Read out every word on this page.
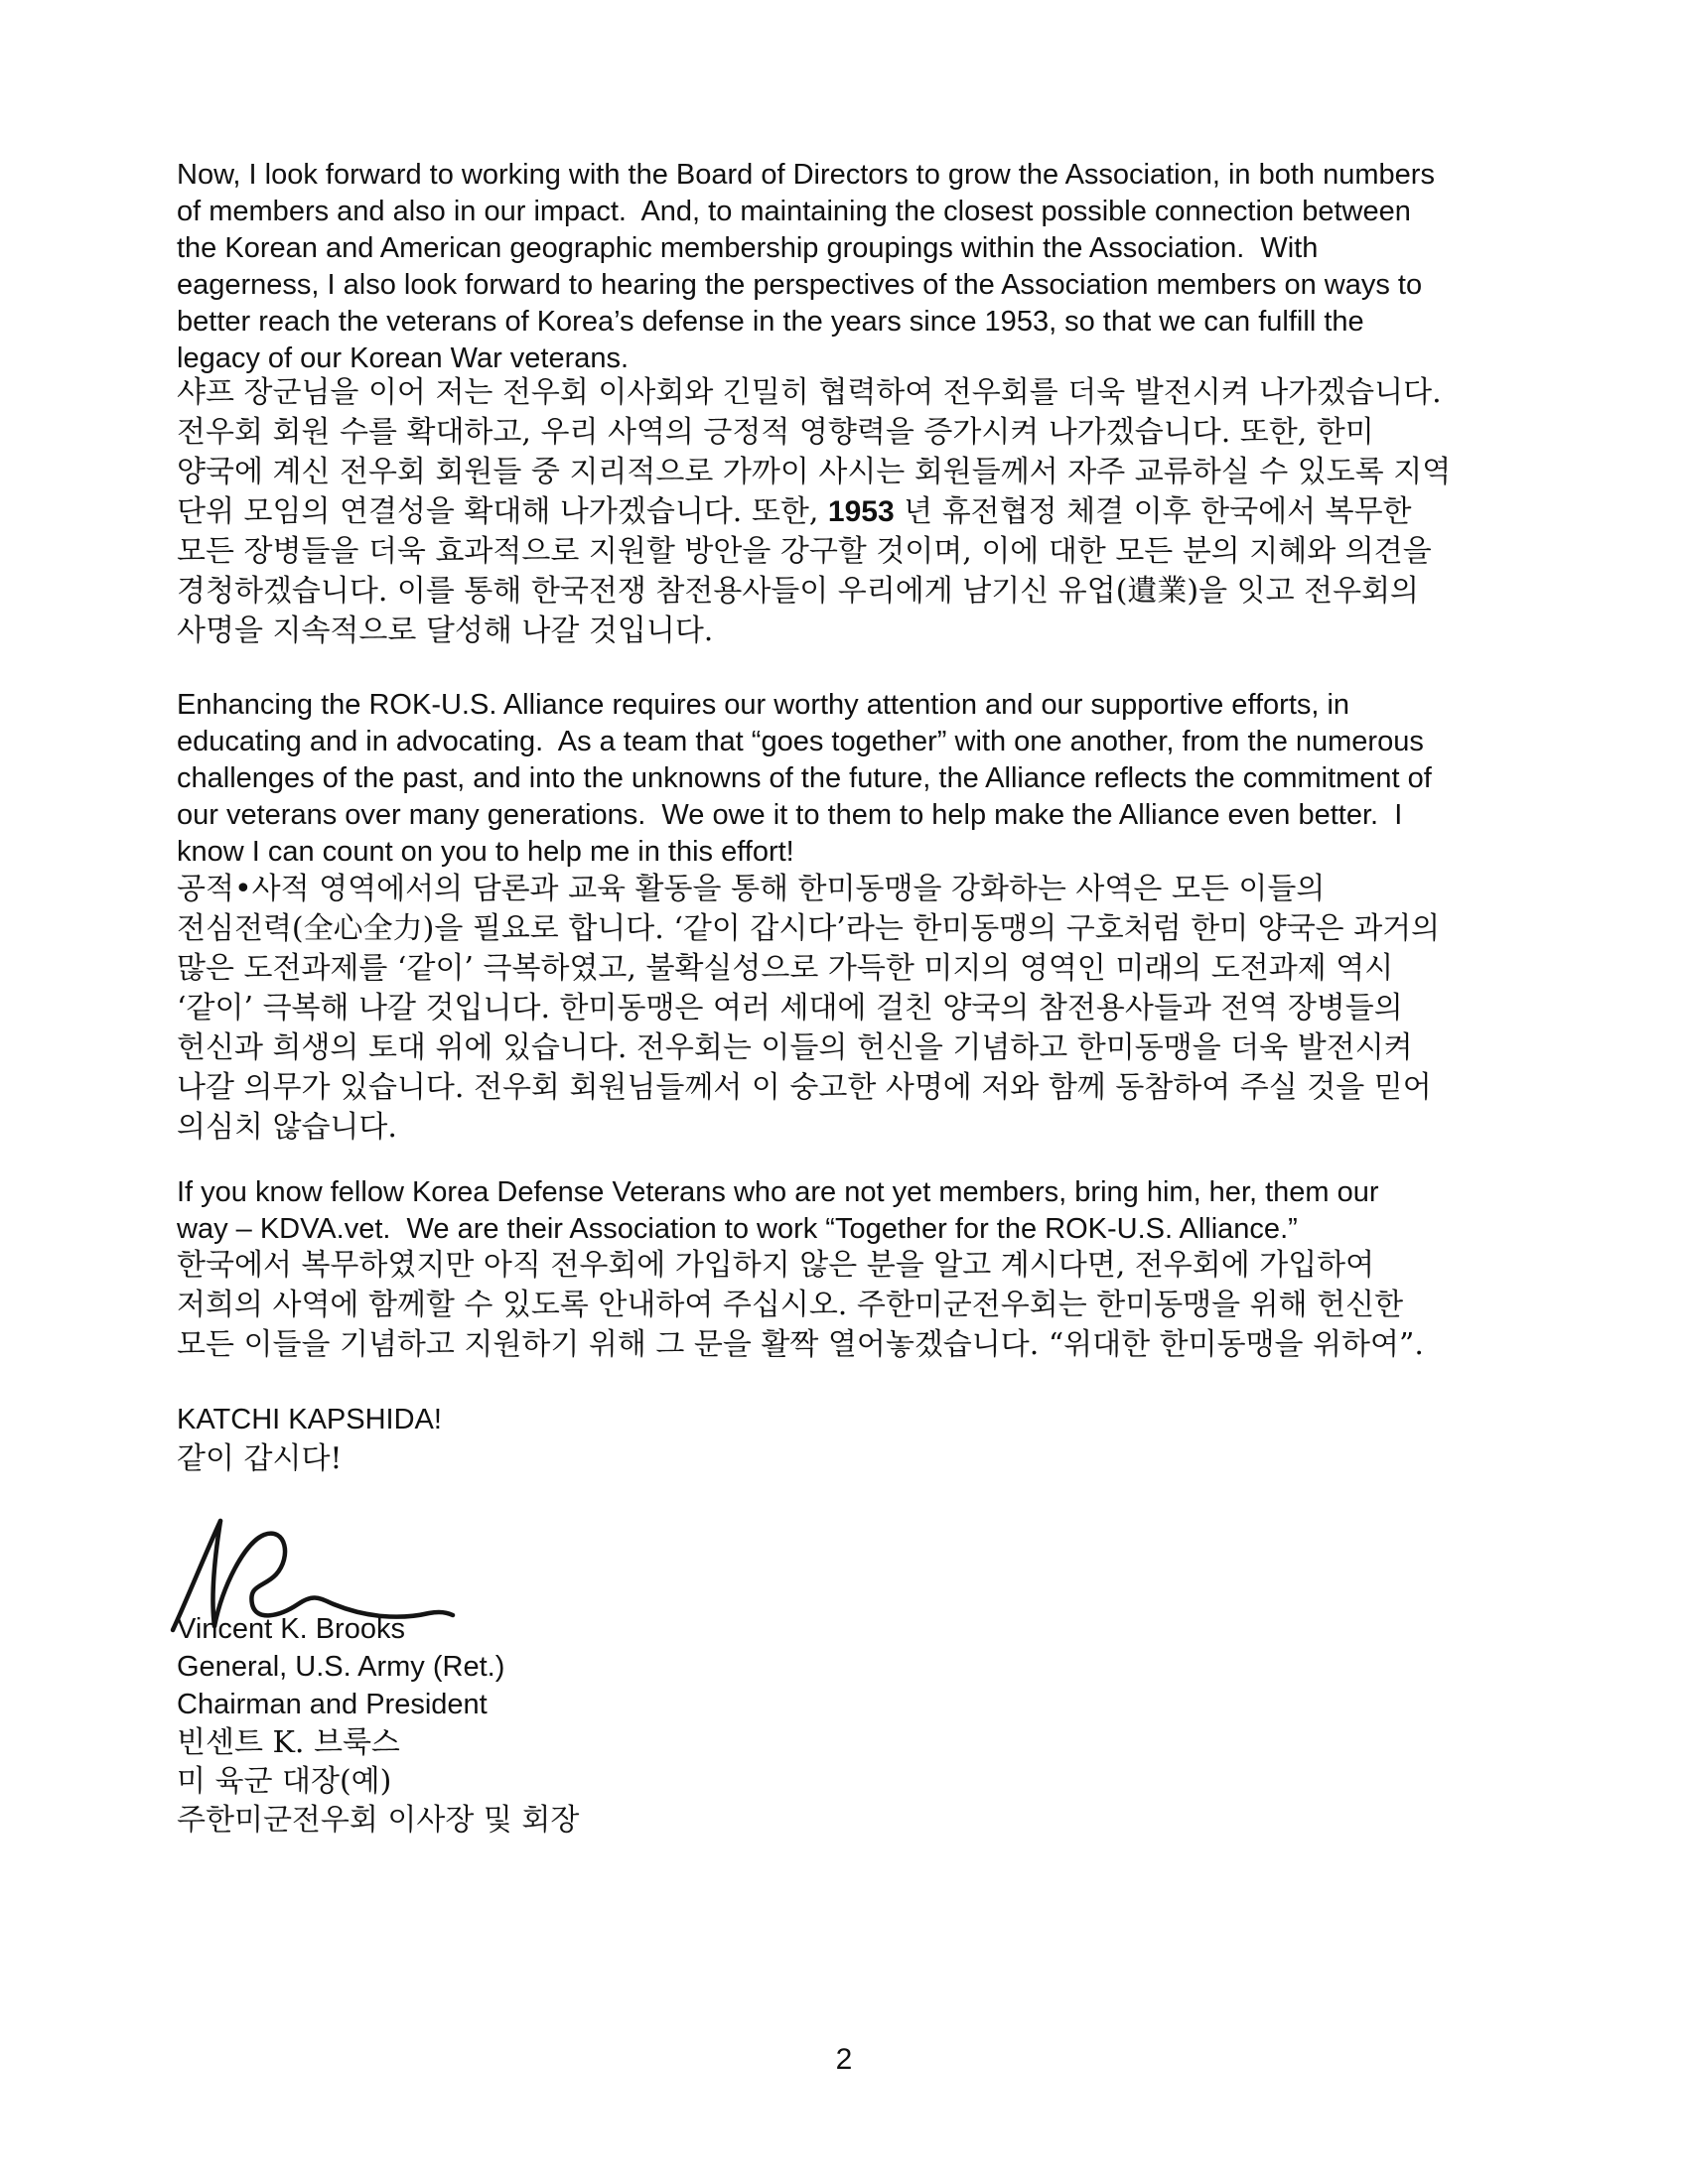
Now, I look forward to working with the Board of Directors to grow the Association, in both numbers
of members and also in our impact.  And, to maintaining the closest possible connection between
the Korean and American geographic membership groupings within the Association.  With
eagerness, I also look forward to hearing the perspectives of the Association members on ways to
better reach the veterans of Korea’s defense in the years since 1953, so that we can fulfill the
legacy of our Korean War veterans.
샤프 장군님을 이어 저는 전우회 이사회와 긴밀히 협력하여 전우회를 더욱 발전시켜 나가겠습니다.
전우회 회원 수를 확대하고, 우리 사역의 긍정적 영향력을 증가시켜 나가겠습니다. 또한, 한미
양국에 계신 전우회 회원들 중 지리적으로 가까이 사시는 회원들께서 자주 교류하실 수 있도록 지역
단위 모임의 연결성을 확대해 나가겠습니다. 또한, 1953 년 휴전협정 체결 이후 한국에서 복무한
모든 장병들을 더욱 효과적으로 지원할 방안을 강구할 것이며, 이에 대한 모든 분의 지혜와 의견을
경청하겠습니다. 이를 통해 한국전쟁 참전용사들이 우리에게 남기신 유업(遺業)을 잇고 전우회의
사명을 지속적으로 달성해 나갈 것입니다.
Enhancing the ROK-U.S. Alliance requires our worthy attention and our supportive efforts, in
educating and in advocating.  As a team that “goes together” with one another, from the numerous
challenges of the past, and into the unknowns of the future, the Alliance reflects the commitment of
our veterans over many generations.  We owe it to them to help make the Alliance even better.  I
know I can count on you to help me in this effort!
공적•사적 영역에서의 담론과 교육 활동을 통해 한미동맹을 강화하는 사역은 모든 이들의
전심전력(全心全力)을 필요로 합니다. ‘같이 갑시다’라는 한미동맹의 구호처럼 한미 양국은 과거의
많은 도전과제를 ‘같이’ 극복하였고, 불확실성으로 가득한 미지의 영역인 미래의 도전과제 역시
‘같이’ 극복해 나갈 것입니다. 한미동맹은 여러 세대에 걸친 양국의 참전용사들과 전역 장병들의
헌신과 희생의 토대 위에 있습니다. 전우회는 이들의 헌신을 기념하고 한미동맹을 더욱 발전시켜
나갈 의무가 있습니다. 전우회 회원님들께서 이 숭고한 사명에 저와 함께 동참하여 주실 것을 믿어
의심치 않습니다.
If you know fellow Korea Defense Veterans who are not yet members, bring him, her, them our
way – KDVA.vet.  We are their Association to work “Together for the ROK-U.S. Alliance.”
한국에서 복무하였지만 아직 전우회에 가입하지 않은 분을 알고 계시다면, 전우회에 가입하여
저희의 사역에 함께할 수 있도록 안내하여 주십시오. 주한미군전우회는 한미동맹을 위해 헌신한
모든 이들을 기념하고 지원하기 위해 그 문을 활짝 열어놓겠습니다. “위대한 한미동맹을 위하여”.
KATCHI KAPSHIDA!
같이 갑시다!
Vincent K. Brooks
General, U.S. Army (Ret.)
Chairman and President
빈센트 K. 브룩스
미 육군 대장(예)
주한미군전우회 이사장 및 회장
2
